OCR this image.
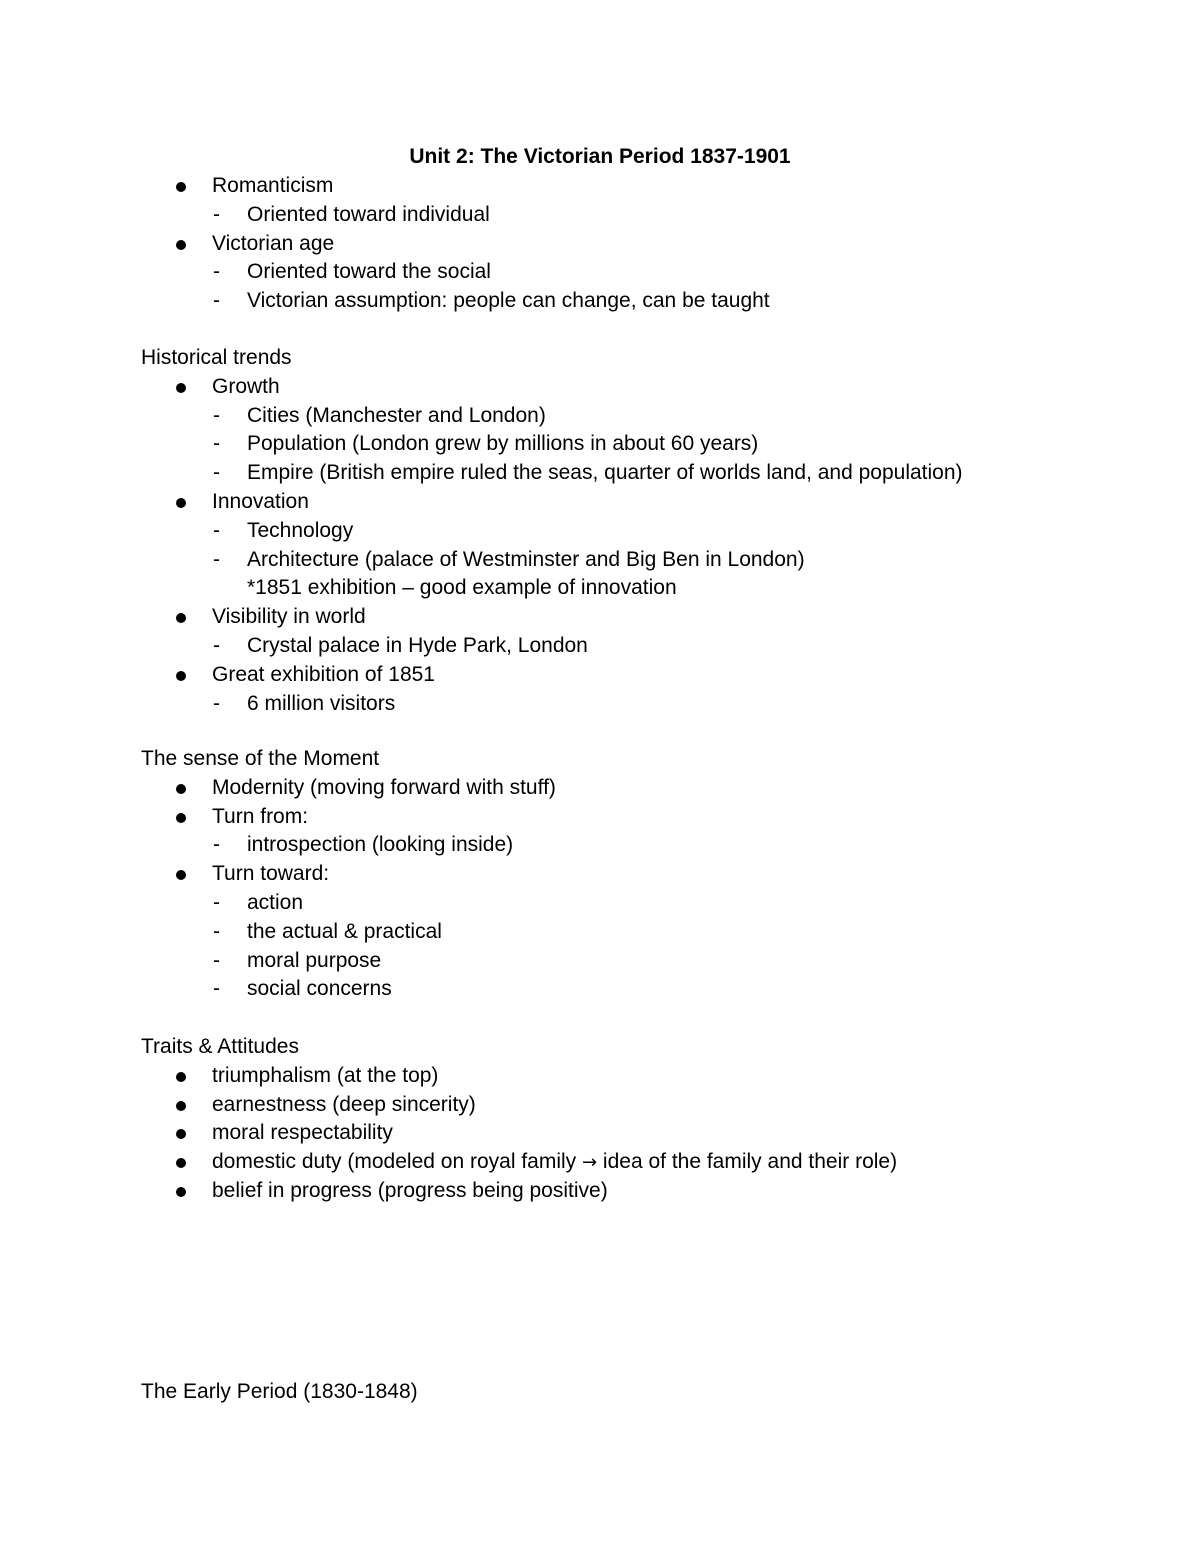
Unit 2: The Victorian Period 1837-1901
Romanticism
- Oriented toward individual
Victorian age
- Oriented toward the social
- Victorian assumption: people can change, can be taught
Historical trends
Growth
- Cities (Manchester and London)
- Population (London grew by millions in about 60 years)
- Empire (British empire ruled the seas, quarter of worlds land, and population)
Innovation
- Technology
- Architecture (palace of Westminster and Big Ben in London)
*1851 exhibition – good example of innovation
Visibility in world
- Crystal palace in Hyde Park, London
Great exhibition of 1851
- 6 million visitors
The sense of the Moment
Modernity (moving forward with stuff)
Turn from:
- introspection (looking inside)
Turn toward:
- action
- the actual & practical
- moral purpose
- social concerns
Traits & Attitudes
triumphalism (at the top)
earnestness (deep sincerity)
moral respectability
domestic duty (modeled on royal family → idea of the family and their role)
belief in progress (progress being positive)
The Early Period (1830-1848)
